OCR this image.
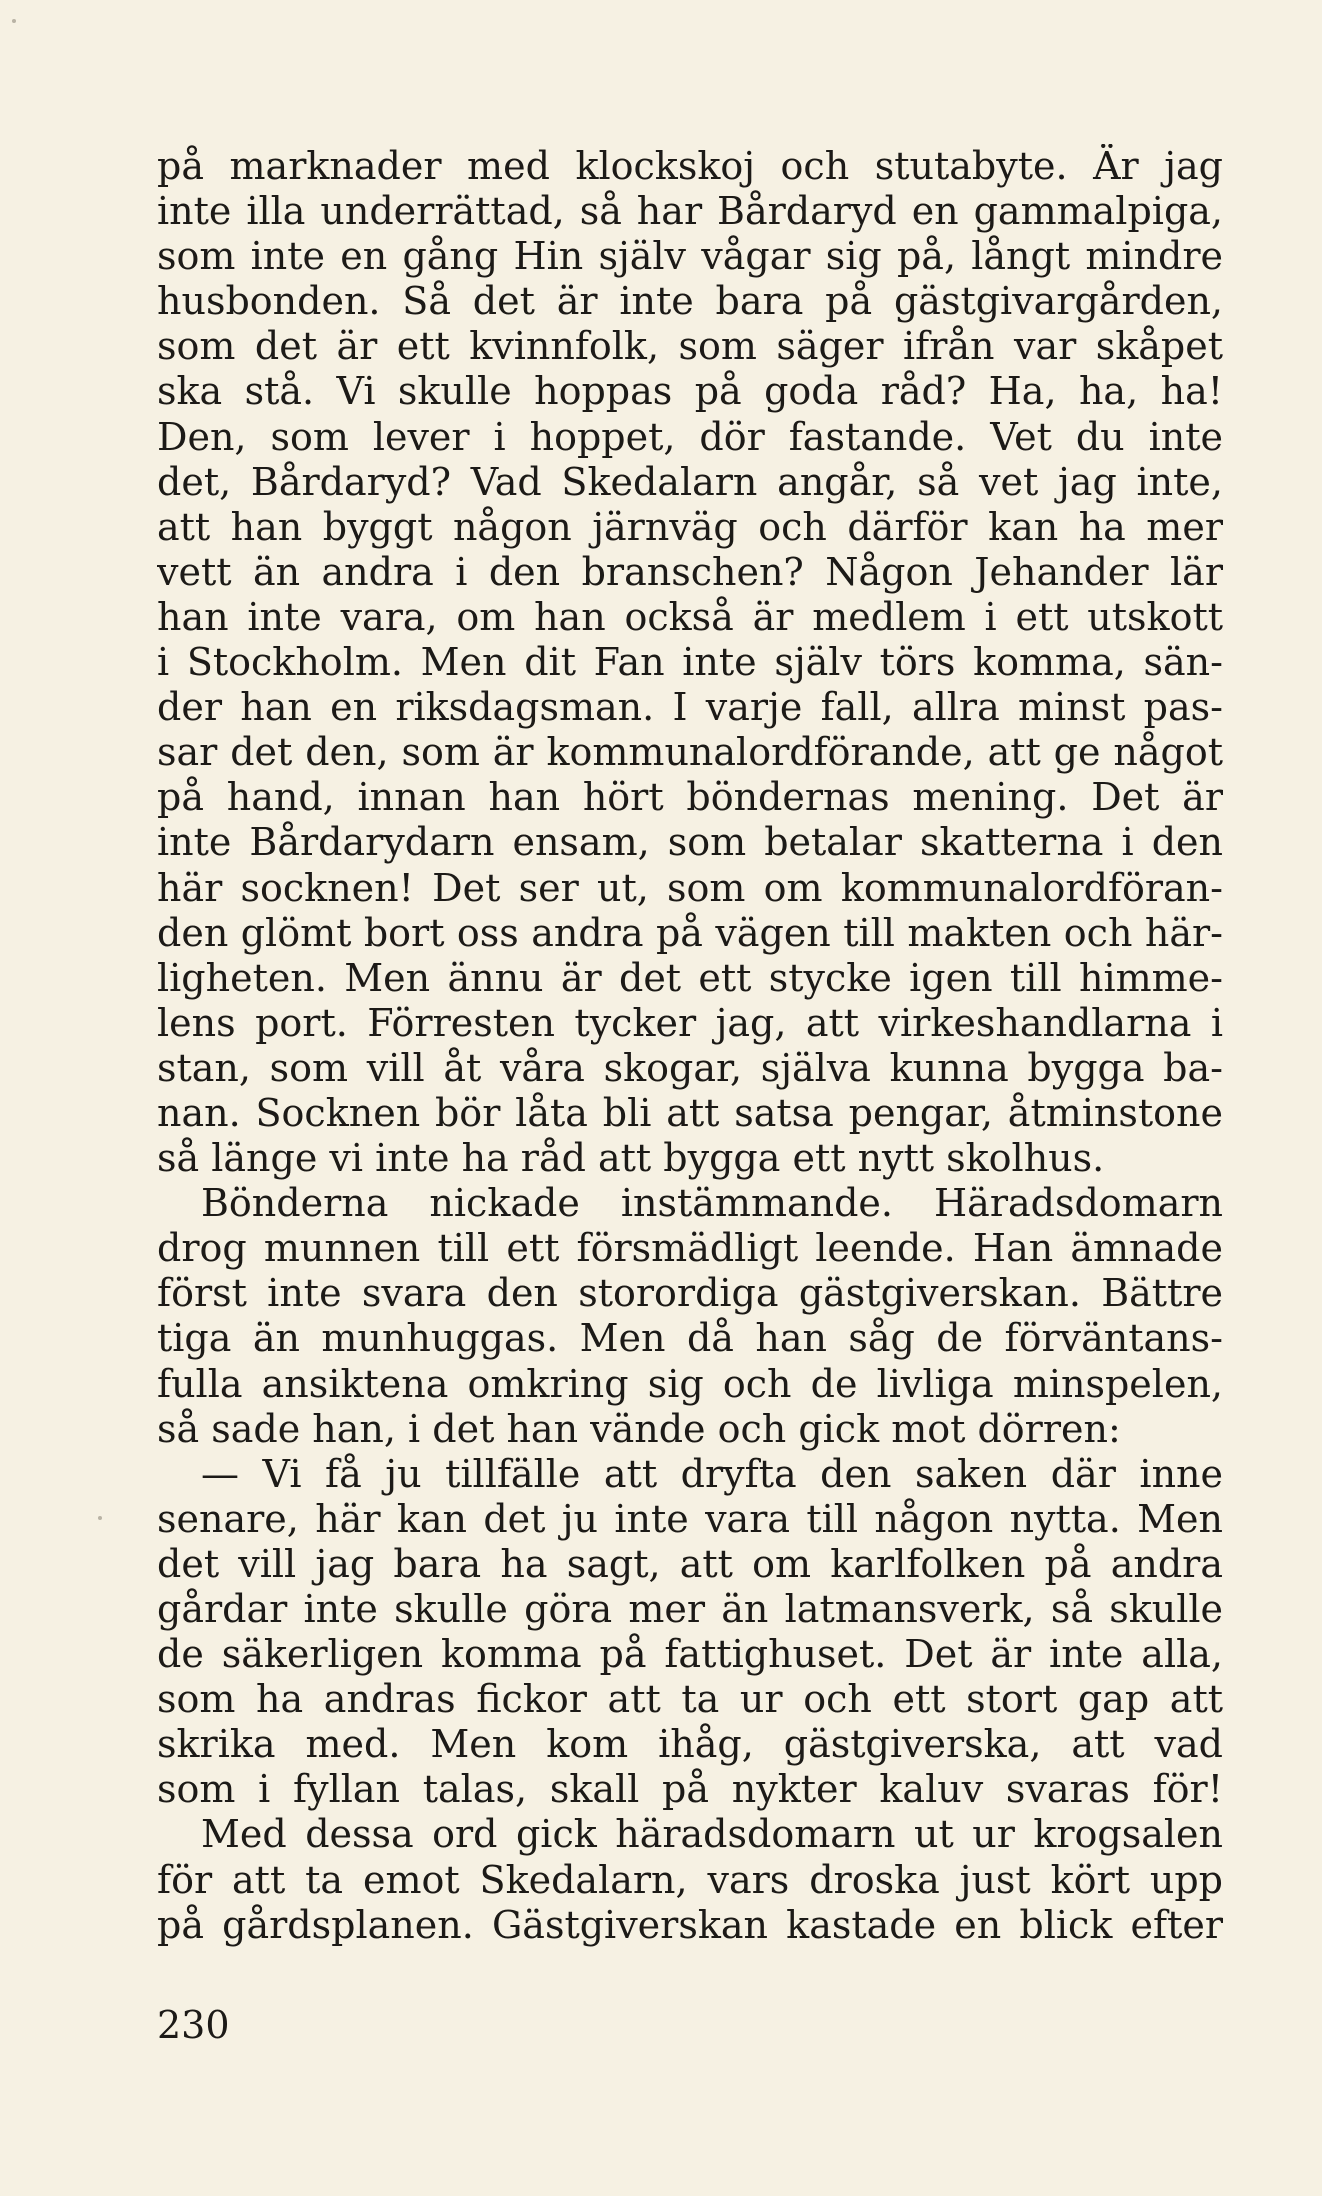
på marknader med klockskoj och stutabyte. Är jag
inte illa underrättad, så har Bårdaryd en gammalpiga,
som inte en gång Hin själv vågar sig på, långt mindre
husbonden. Så det är inte bara på gästgivargården,
som det är ett kvinnfolk, som säger ifrån var skåpet
ska stå. Vi skulle hoppas på goda råd? Ha, ha, ha!
Den, som lever i hoppet, dör fastande. Vet du inte
det, Bårdaryd? Vad Skedalarn angår, så vet jag inte,
att han byggt någon järnväg och därför kan ha mer
vett än andra i den branschen? Någon Jehander lär
han inte vara, om han också är medlem i ett utskott
i Stockholm. Men dit Fan inte själv törs komma, sän-
der han en riksdagsman. I varje fall, allra minst pas-
sar det den, som är kommunalordförande, att ge något
på hand, innan han hört böndernas mening. Det är
inte Bårdarydarn ensam, som betalar skatterna i den
här socknen! Det ser ut, som om kommunalordföran-
den glömt bort oss andra på vägen till makten och här-
ligheten. Men ännu är det ett stycke igen till himme-
lens port. Förresten tycker jag, att virkeshandlarna i
stan, som vill åt våra skogar, själva kunna bygga ba-
nan. Socknen bör låta bli att satsa pengar, åtminstone
så länge vi inte ha råd att bygga ett nytt skolhus.
Bönderna nickade instämmande. Häradsdomarn
drog munnen till ett försmädligt leende. Han ämnade
först inte svara den storordiga gästgiverskan. Bättre
tiga än munhuggas. Men då han såg de förväntans-
fulla ansiktena omkring sig och de livliga minspelen,
så sade han, i det han vände och gick mot dörren:
— Vi få ju tillfälle att dryfta den saken där inne
senare, här kan det ju inte vara till någon nytta. Men
det vill jag bara ha sagt, att om karlfolken på andra
gårdar inte skulle göra mer än latmansverk, så skulle
de säkerligen komma på fattighuset. Det är inte alla,
som ha andras fickor att ta ur och ett stort gap att
skrika med. Men kom ihåg, gästgiverska, att vad
som i fyllan talas, skall på nykter kaluv svaras för!
Med dessa ord gick häradsdomarn ut ur krogsalen
för att ta emot Skedalarn, vars droska just kört upp
på gårdsplanen. Gästgiverskan kastade en blick efter
230
